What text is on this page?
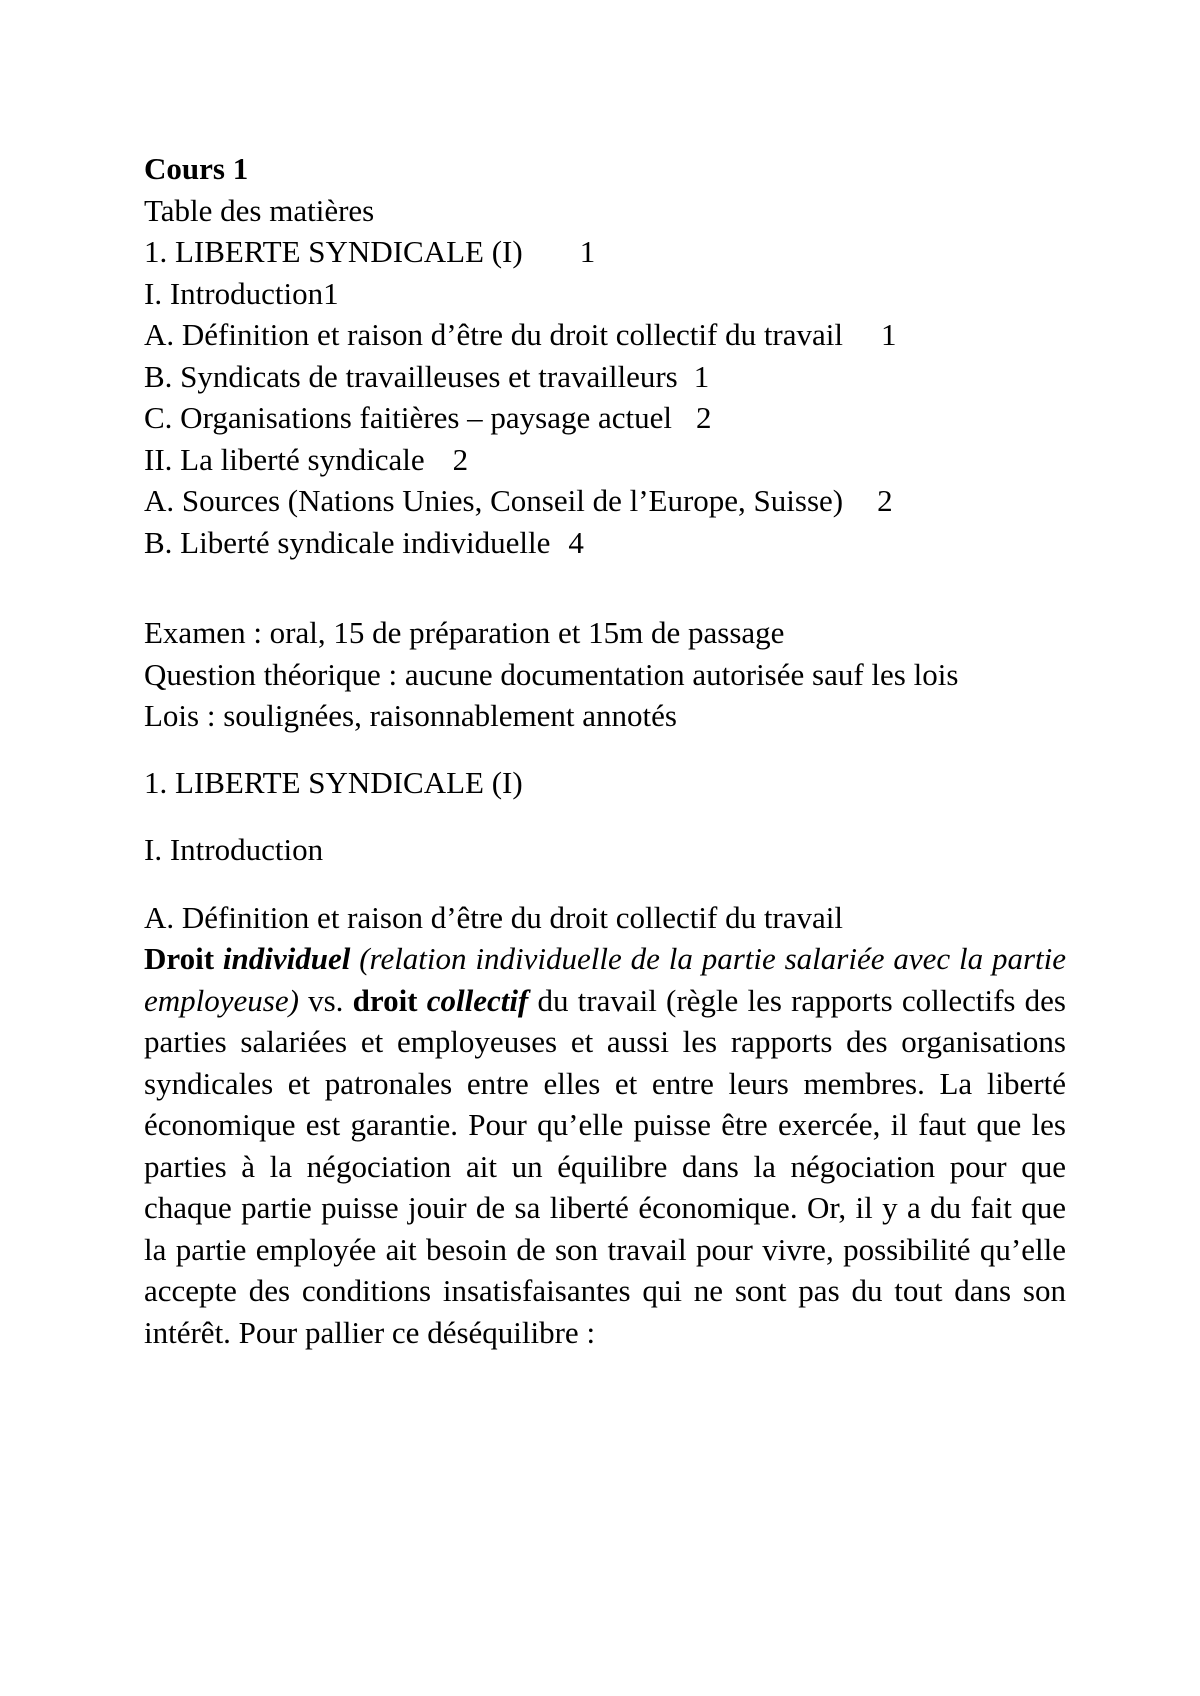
Cours 1
Table des matières
1. LIBERTE SYNDICALE (I) 1
I. Introduction1
A. Définition et raison d’être du droit collectif du travail 1
B. Syndicats de travailleuses et travailleurs 1
C. Organisations faitières – paysage actuel 2
II. La liberté syndicale 2
A. Sources (Nations Unies, Conseil de l’Europe, Suisse) 2
B. Liberté syndicale individuelle 4
Examen : oral, 15 de préparation et 15m de passage

Question théorique : aucune documentation autorisée sauf les lois

Lois : soulignées, raisonnablement annotés
1. LIBERTE SYNDICALE (I)
I. Introduction
A. Définition et raison d’être du droit collectif du travail

Droit individuel (relation individuelle de la partie salariée avec la partie employeuse) vs. droit collectif du travail (règle les rapports collectifs des parties salariées et employeuses et aussi les rapports des organisations syndicales et patronales entre elles et entre leurs membres. La liberté économique est garantie. Pour qu’elle puisse être exercée, il faut que les parties à la négociation ait un équilibre dans la négociation pour que chaque partie puisse jouir de sa liberté économique. Or, il y a du fait que la partie employée ait besoin de son travail pour vivre, possibilité qu’elle accepte des conditions insatisfaisantes qui ne sont pas du tout dans son intérêt. Pour pallier ce déséquilibre :
